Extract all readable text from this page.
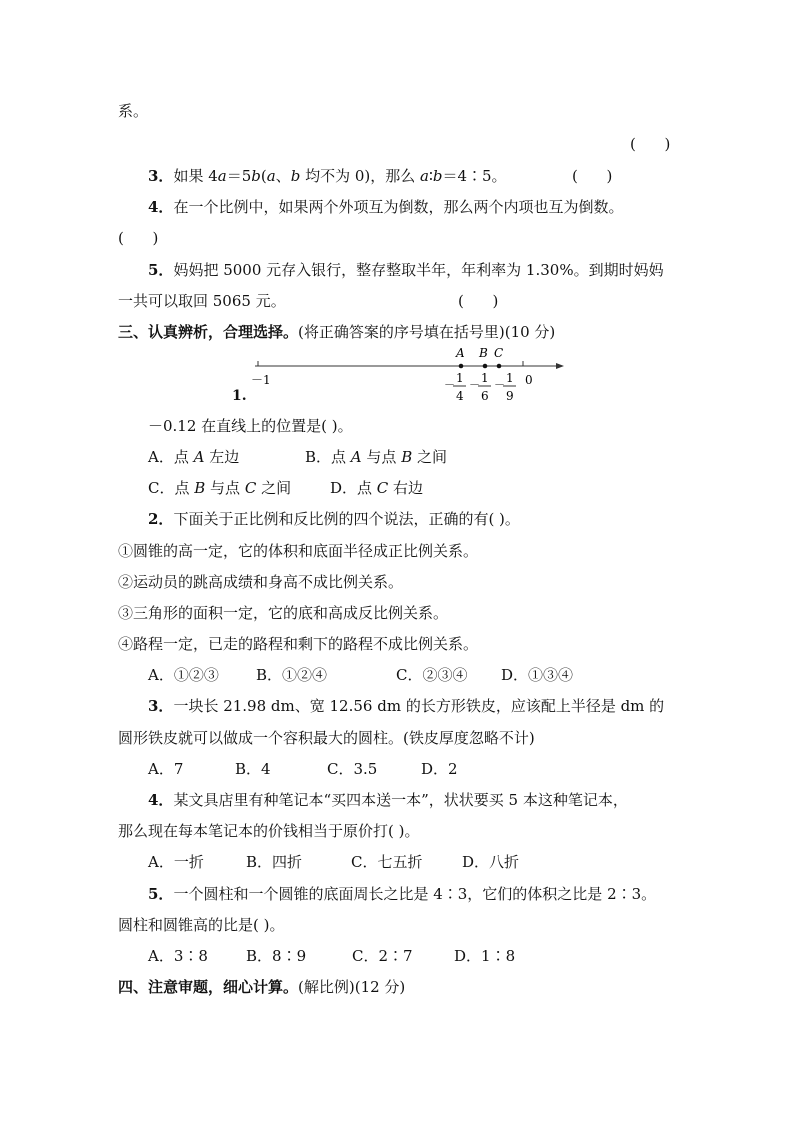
系。
(      )
3．如果 4a＝5b(a、b 均不为 0)，那么 a∶b＝4∶5。	(      )
4．在一个比例中，如果两个外项互为倒数，那么两个内项也互为倒数。
(      )
5．妈妈把 5000 元存入银行，整存整取半年，年利率为 1.30%。到期时妈妈
一共可以取回 5065 元。	(      )
三、认真辨析，合理选择。(将正确答案的序号填在括号里)(10 分)
A B C
－1	0
－ 1
4
－ 1
6
－ 1
9
1.
－0.12 在直线上的位置是( )。
A．点 A 左边	B．点 A 与点 B 之间
C．点 B 与点 C 之间	D．点 C 右边
2．下面关于正比例和反比例的四个说法，正确的有( )。
①圆锥的高一定，它的体积和底面半径成正比例关系。
②运动员的跳高成绩和身高不成比例关系。
③三角形的面积一定，它的底和高成反比例关系。
④路程一定，已走的路程和剩下的路程不成比例关系。
A．①②③ B．①②④	C．②③④ D．①③④
3．一块长 21.98 dm、宽 12.56 dm 的长方形铁皮，应该配上半径是 dm 的
圆形铁皮就可以做成一个容积最大的圆柱。(铁皮厚度忽略不计)
A．7	B．4	C．3.5	D．2
4．某文具店里有种笔记本“买四本送一本”，状状要买 5 本这种笔记本，
那么现在每本笔记本的价钱相当于原价打( )。
A．一折	B．四折	C．七五折	D．八折
5．一个圆柱和一个圆锥的底面周长之比是 4∶3，它们的体积之比是 2∶3。
圆柱和圆锥高的比是( )。
A．3∶8	B．8∶9	C．2∶7	D．1∶8
四、注意审题，细心计算。(解比例)(12 分)
